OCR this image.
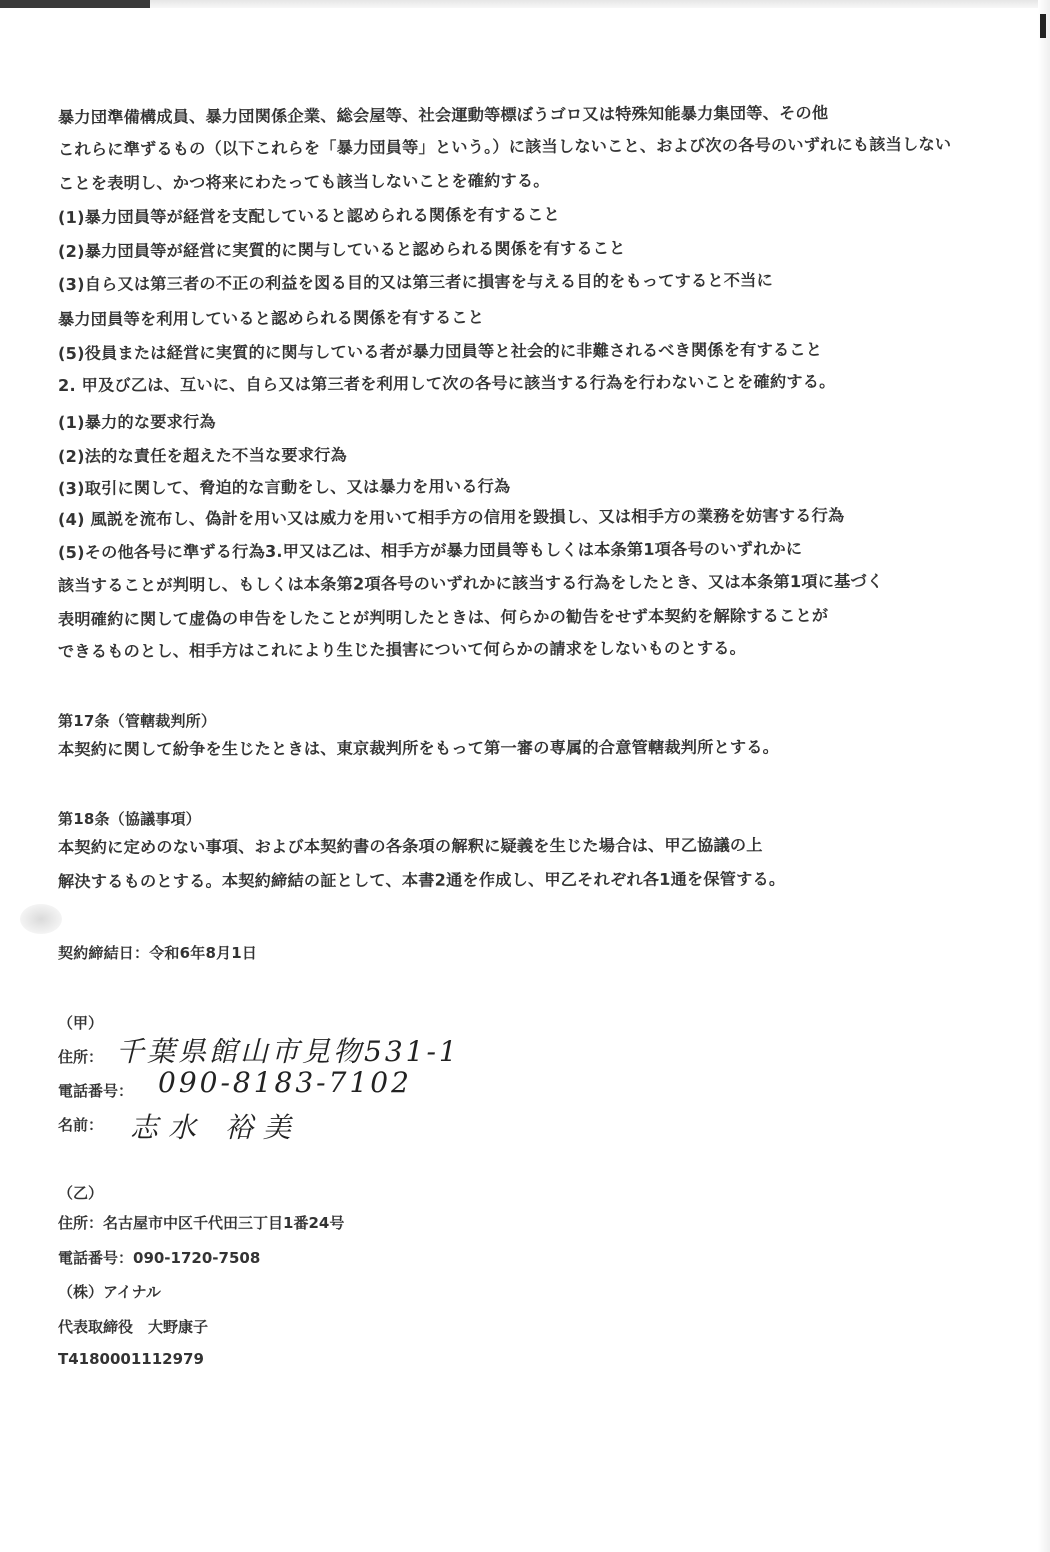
暴力団準備構成員、暴力団関係企業、総会屋等、社会運動等標ぼうゴロ又は特殊知能暴力集団等、その他
これらに準ずるもの（以下これらを「暴力団員等」という。）に該当しないこと、および次の各号のいずれにも該当しない
ことを表明し、かつ将来にわたっても該当しないことを確約する。
(1)暴力団員等が経営を支配していると認められる関係を有すること
(2)暴力団員等が経営に実質的に関与していると認められる関係を有すること
(3)自ら又は第三者の不正の利益を図る目的又は第三者に損害を与える目的をもってすると不当に
暴力団員等を利用していると認められる関係を有すること
(5)役員または経営に実質的に関与している者が暴力団員等と社会的に非難されるべき関係を有すること
2. 甲及び乙は、互いに、自ら又は第三者を利用して次の各号に該当する行為を行わないことを確約する。
(1)暴力的な要求行為
(2)法的な責任を超えた不当な要求行為
(3)取引に関して、脅迫的な言動をし、又は暴力を用いる行為
(4) 風説を流布し、偽計を用い又は威力を用いて相手方の信用を毀損し、又は相手方の業務を妨害する行為
(5)その他各号に準ずる行為3.甲又は乙は、相手方が暴力団員等もしくは本条第1項各号のいずれかに
該当することが判明し、もしくは本条第2項各号のいずれかに該当する行為をしたとき、又は本条第1項に基づく
表明確約に関して虚偽の申告をしたことが判明したときは、何らかの勧告をせず本契約を解除することが
できるものとし、相手方はこれにより生じた損害について何らかの請求をしないものとする。
第17条（管轄裁判所）
本契約に関して紛争を生じたときは、東京裁判所をもって第一審の専属的合意管轄裁判所とする。
第18条（協議事項）
本契約に定めのない事項、および本契約書の各条項の解釈に疑義を生じた場合は、甲乙協議の上
解決するものとする。本契約締結の証として、本書2通を作成し、甲乙それぞれ各1通を保管する。
契約締結日：令和6年8月1日
（甲）
住所： 千葉県館山市見物531-1
電話番号： 090-8183-7102
名前： 志水 裕美
（乙）
住所：名古屋市中区千代田三丁目1番24号
電話番号：090-1720-7508
（株）アイナル
代表取締役　大野康子
T4180001112979
